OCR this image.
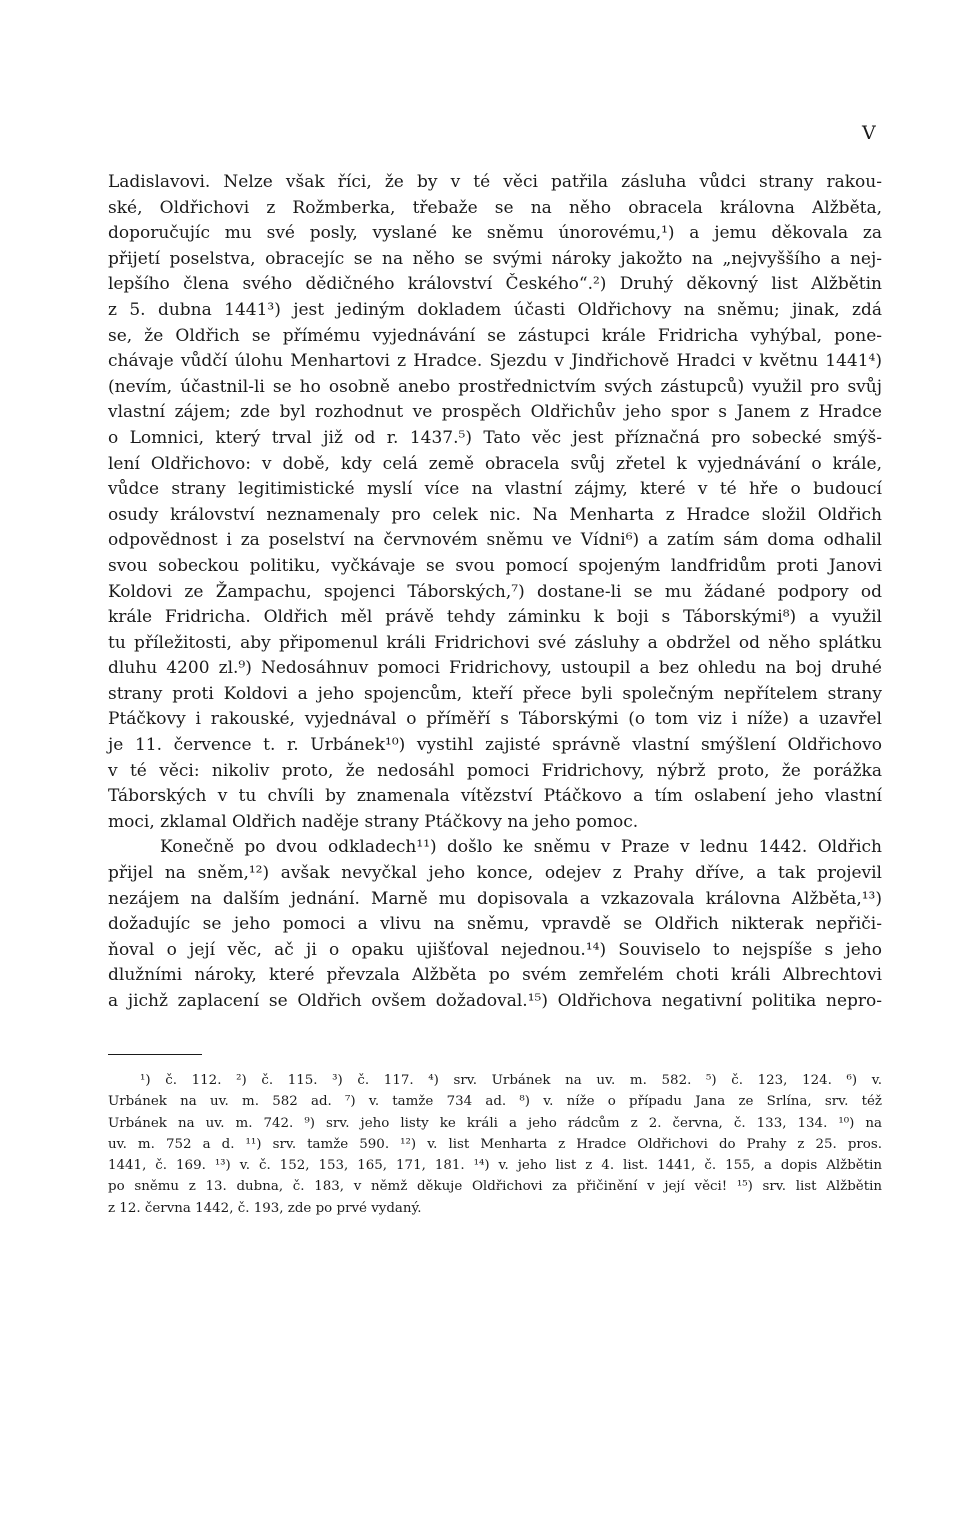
V
Ladislavovi. Nelze však říci, že by v té věci patřila zásluha vůdci strany rakou-
ské, Oldřichovi z Rožmberka, třebaže se na něho obracela královna Alžběta,
doporučujíc mu své posly, vyslané ke sněmu únorovému,¹) a jemu děkovala za
přijetí poselstva, obracejíc se na něho se svými nároky jakožto na „nejvyššího a nej-
lepšího člena svého dědičného království Českého“.²) Druhý děkovný list Alžbětin
z 5. dubna 1441³) jest jediným dokladem účasti Oldřichovy na sněmu; jinak, zdá
se, že Oldřich se přímému vyjednávání se zástupci krále Fridricha vyhýbal, pone-
chávaje vůdčí úlohu Menhartovi z Hradce. Sjezdu v Jindřichově Hradci v květnu 1441⁴)
(nevím, účastnil-li se ho osobně anebo prostřednictvím svých zástupců) využil pro svůj
vlastní zájem; zde byl rozhodnut ve prospěch Oldřichův jeho spor s Janem z Hradce
o Lomnici, který trval již od r. 1437.⁵) Tato věc jest příznačná pro sobecké smýš-
lení Oldřichovo: v době, kdy celá země obracela svůj zřetel k vyjednávání o krále,
vůdce strany legitimistické myslí více na vlastní zájmy, které v té hře o budoucí
osudy království neznamenaly pro celek nic. Na Menharta z Hradce složil Oldřich
odpovědnost i za poselství na červnovém sněmu ve Vídni⁶) a zatím sám doma odhalil
svou sobeckou politiku, vyčkávaje se svou pomocí spojeným landfridům proti Janovi
Koldovi ze Žampachu, spojenci Táborských,⁷) dostane-li se mu žádané podpory od
krále Fridricha. Oldřich měl právě tehdy záminku k boji s Táborskými⁸) a využil
tu příležitosti, aby připomenul králi Fridrichovi své zásluhy a obdržel od něho splátku
dluhu 4200 zl.⁹) Nedosáhnuv pomoci Fridrichovy, ustoupil a bez ohledu na boj druhé
strany proti Koldovi a jeho spojencům, kteří přece byli společným nepřítelem strany
Ptáčkovy i rakouské, vyjednával o příměří s Táborskými (o tom viz i níže) a uzavřel
je 11. července t. r. Urbánek¹⁰) vystihl zajisté správně vlastní smýšlení Oldřichovo
v té věci: nikoliv proto, že nedosáhl pomoci Fridrichovy, nýbrž proto, že porážka
Táborských v tu chvíli by znamenala vítězství Ptáčkovo a tím oslabení jeho vlastní
moci, zklamal Oldřich naděje strany Ptáčkovy na jeho pomoc.
Konečně po dvou odkladech¹¹) došlo ke sněmu v Praze v lednu 1442. Oldřich
přijel na sněm,¹²) avšak nevyčkal jeho konce, odejev z Prahy dříve, a tak projevil
nezájem na dalším jednání. Marně mu dopisovala a vzkazovala královna Alžběta,¹³)
dožadujíc se jeho pomoci a vlivu na sněmu, vpravdě se Oldřich nikterak nepřiči-
ňoval o její věc, ač ji o opaku ujišťoval nejednou.¹⁴) Souviselo to nejspíše s jeho
dlužními nároky, které převzala Alžběta po svém zemřelém choti králi Albrechtovi
a jichž zaplacení se Oldřich ovšem dožadoval.¹⁵) Oldřichova negativní politika nepro-
¹) č. 112. ²) č. 115. ³) č. 117. ⁴) srv. Urbánek na uv. m. 582. ⁵) č. 123, 124. ⁶) v.
Urbánek na uv. m. 582 ad. ⁷) v. tamže 734 ad. ⁸) v. níže o případu Jana ze Srlína, srv. též
Urbánek na uv. m. 742. ⁹) srv. jeho listy ke králi a jeho rádcům z 2. června, č. 133, 134. ¹⁰) na
uv. m. 752 a d. ¹¹) srv. tamže 590. ¹²) v. list Menharta z Hradce Oldřichovi do Prahy z 25. pros.
1441, č. 169. ¹³) v. č. 152, 153, 165, 171, 181. ¹⁴) v. jeho list z 4. list. 1441, č. 155, a dopis Alžbětin
po sněmu z 13. dubna, č. 183, v němž děkuje Oldřichovi za přičinění v její věci! ¹⁵) srv. list Alžbětin
z 12. června 1442, č. 193, zde po prvé vydaný.
